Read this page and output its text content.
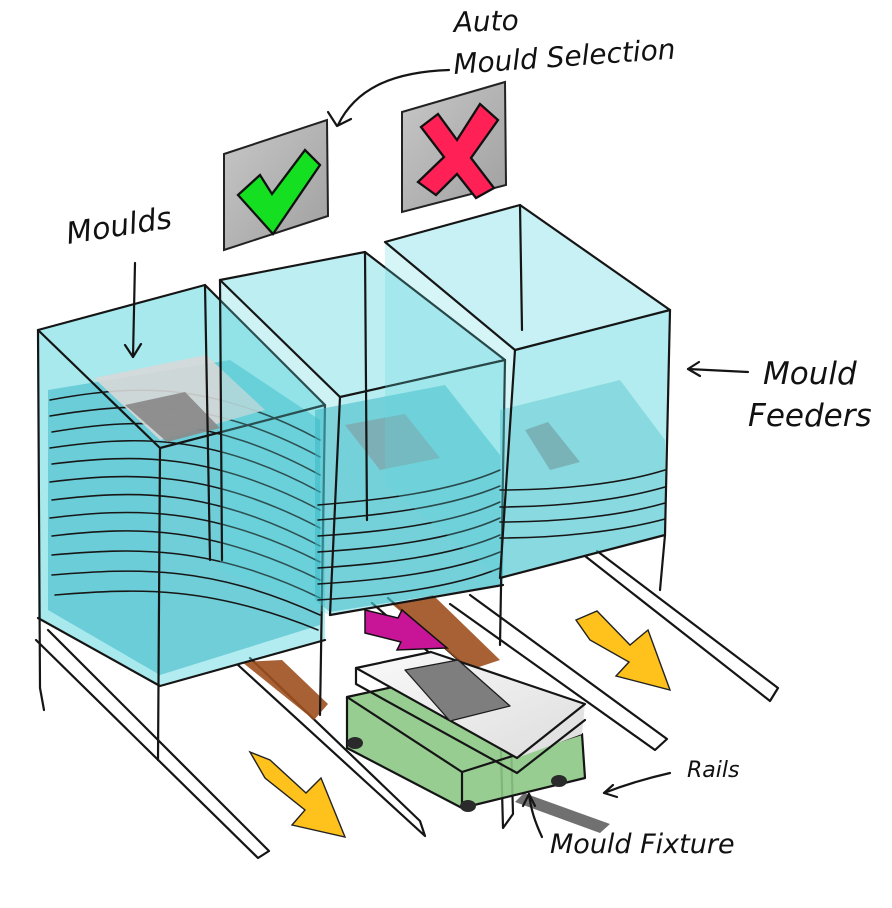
Auto
Mould Selection
Moulds
Mould
Feeders
Rails
Mould Fixture
